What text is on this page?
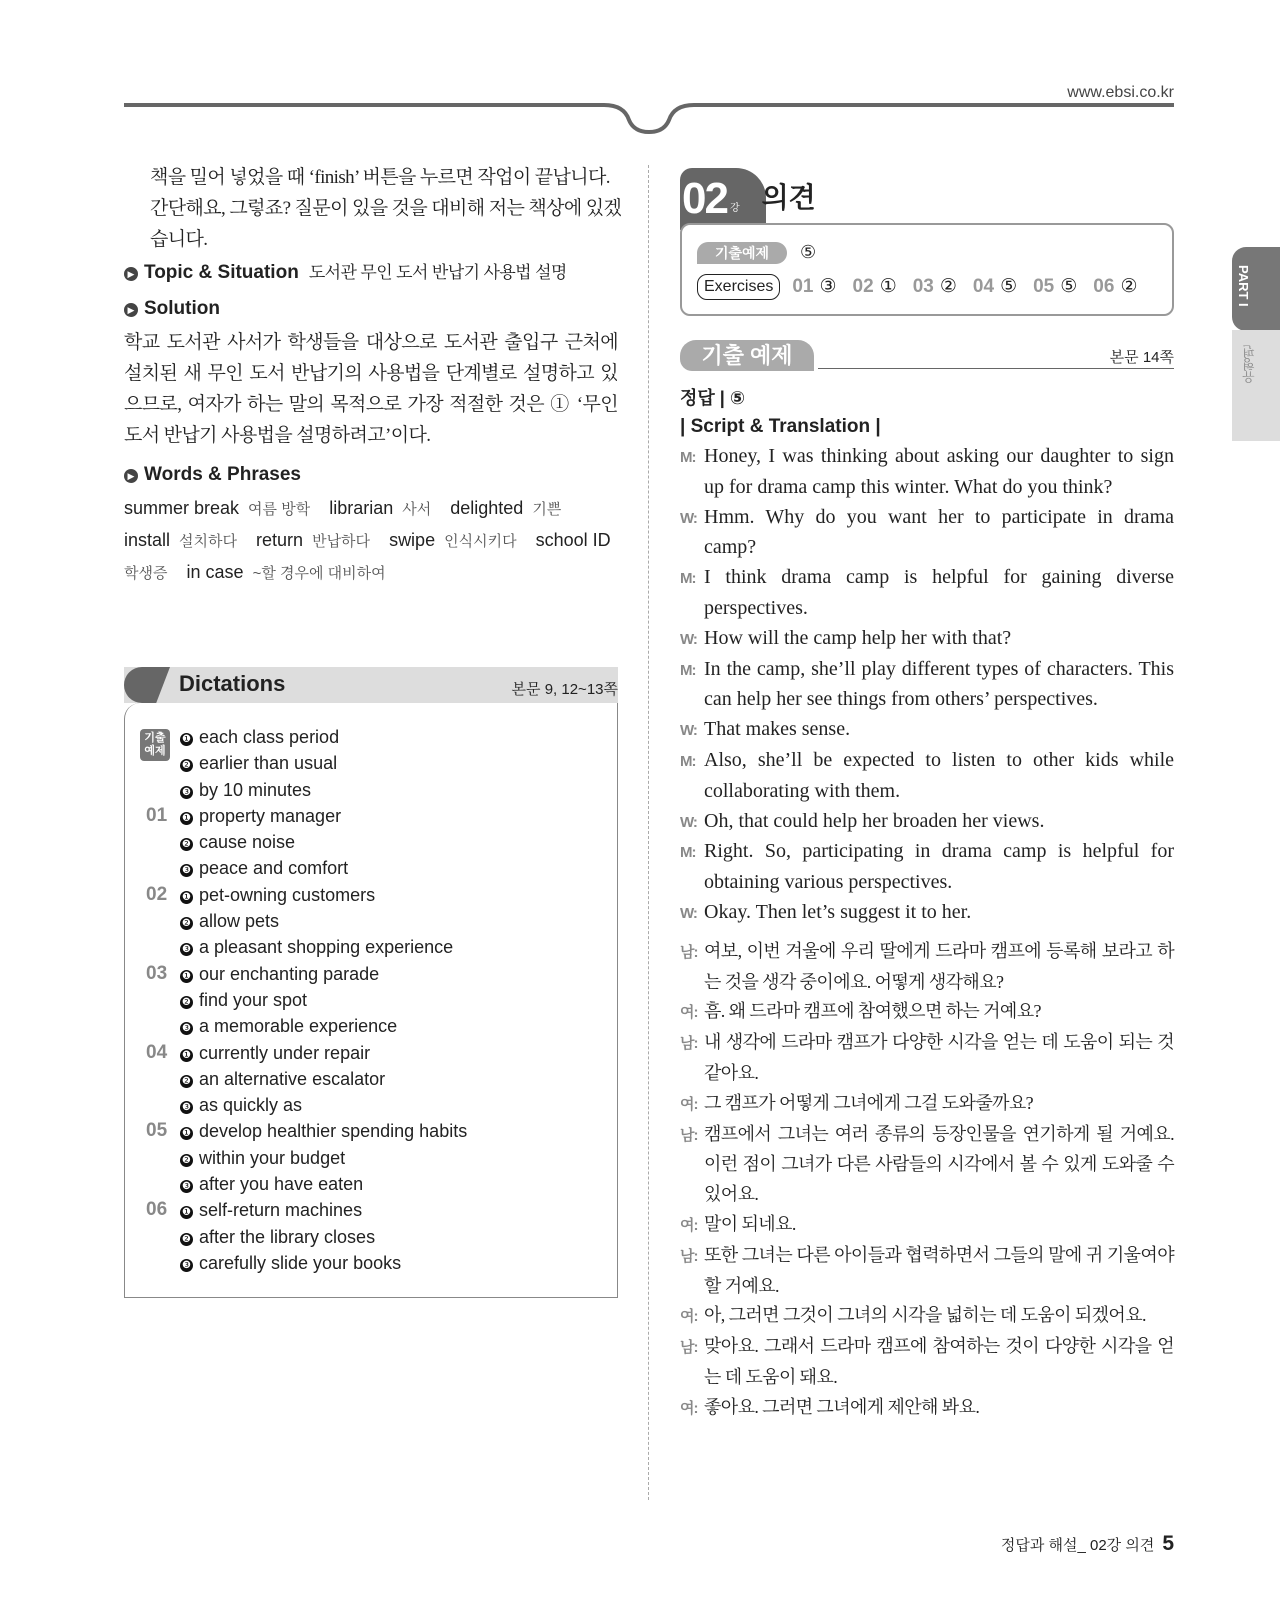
www.ebsi.co.kr
책을 밀어 넣었을 때 ‘finish’ 버튼을 누르면 작업이 끝납니다.
간단해요, 그렇죠? 질문이 있을 것을 대비해 저는 책상에 있겠
습니다.
▶ Topic & Situation 도서관 무인 도서 반납기 사용법 설명
▶ Solution
학교 도서관 사서가 학생들을 대상으로 도서관 출입구 근처에 설치된 새 무인 도서 반납기의 사용법을 단계별로 설명하고 있으므로, 여자가 하는 말의 목적으로 가장 적절한 것은 ① ‘무인 도서 반납기 사용법을 설명하려고’이다.
▶ Words & Phrases
summer break 여름 방학 librarian 사서 delighted 기쁜 install 설치하다 return 반납하다 swipe 인식시키다 school ID 학생증 in case ~할 경우에 대비하여
Dictations	본문 9, 12~13쪽
기출
예제
❶ each class period
❷ earlier than usual
❸ by 10 minutes
01 ❶ property manager
❷ cause noise
❸ peace and comfort
02 ❶ pet-owning customers
❷ allow pets
❸ a pleasant shopping experience
03 ❶ our enchanting parade
❷ find your spot
❸ a memorable experience
04 ❶ currently under repair
❷ an alternative escalator
❸ as quickly as
05 ❶ develop healthier spending habits
❷ within your budget
❸ after you have eaten
06 ❶ self-return machines
❷ after the library closes
❸ carefully slide your books
02 강 의견
기출예제	⑤
Exercises	01 ③ 02 ① 03 ② 04 ⑤ 05 ⑤ 06 ②
기출 예제	본문 14쪽
정답 | ⑤
| Script & Translation |
M: Honey, I was thinking about asking our daughter to sign up for drama camp this winter. What do you think?
W: Hmm. Why do you want her to participate in drama camp?
M: I think drama camp is helpful for gaining diverse perspectives.
W: How will the camp help her with that?
M: In the camp, she’ll play different types of characters. This can help her see things from others’ perspectives.
W: That makes sense.
M: Also, she’ll be expected to listen to other kids while collaborating with them.
W: Oh, that could help her broaden her views.
M: Right. So, participating in drama camp is helpful for obtaining various perspectives.
W: Okay. Then let’s suggest it to her.
남: 여보, 이번 겨울에 우리 딸에게 드라마 캠프에 등록해 보라고 하는 것을 생각 중이에요. 어떻게 생각해요?
여: 흠. 왜 드라마 캠프에 참여했으면 하는 거예요?
남: 내 생각에 드라마 캠프가 다양한 시각을 얻는 데 도움이 되는 것 같아요.
여: 그 캠프가 어떻게 그녀에게 그걸 도와줄까요?
남: 캠프에서 그녀는 여러 종류의 등장인물을 연기하게 될 거예요. 이런 점이 그녀가 다른 사람들의 시각에서 볼 수 있게 도와줄 수 있어요.
여: 말이 되네요.
남: 또한 그녀는 다른 아이들과 협력하면서 그들의 말에 귀 기울여야 할 거예요.
여: 아, 그러면 그것이 그녀의 시각을 넓히는 데 도움이 되겠어요.
남: 맞아요. 그래서 드라마 캠프에 참여하는 것이 다양한 시각을 얻는 데 도움이 돼요.
여: 좋아요. 그러면 그녀에게 제안해 봐요.
PART I
유형편
정답과 해설_ 02강 의견 5
